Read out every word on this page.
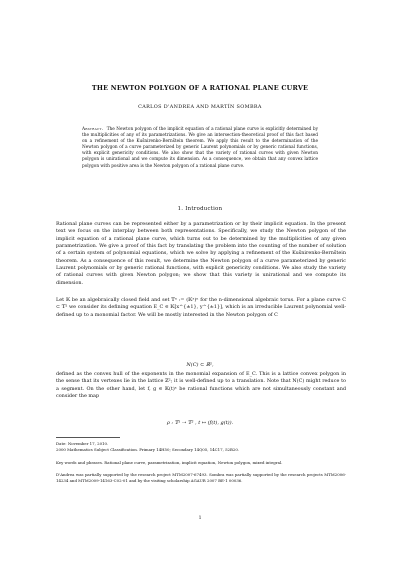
THE NEWTON POLYGON OF A RATIONAL PLANE CURVE
CARLOS D'ANDREA AND MARTÍN SOMBRA
Abstract. The Newton polygon of the implicit equation of a rational plane curve is explicitly determined by the multiplicities of any of its parametrizations. We give an intersection-theoretical proof of this fact based on a refinement of the Kušnirenko-Bernštein theorem. We apply this result to the determination of the Newton polygon of a curve parameterized by generic Laurent polynomials or by generic rational functions, with explicit genericity conditions. We also show that the variety of rational curves with given Newton polygon is unirational and we compute its dimension. As a consequence, we obtain that any convex lattice polygon with positive area is the Newton polygon of a rational plane curve.
1. Introduction
Rational plane curves can be represented either by a parametrization or by their implicit equation. In the present text we focus on the interplay between both representations. Specifically, we study the Newton polygon of the implicit equation of a rational plane curve, which turns out to be determined by the multiplicities of any given parametrization. We give a proof of this fact by translating the problem into the counting of the number of solution of a certain system of polynomial equations, which we solve by applying a refinement of the Kušnirenko-Bernštein theorem. As a consequence of this result, we determine the Newton polygon of a curve parameterized by generic Laurent polynomials or by generic rational functions, with explicit genericity conditions. We also study the variety of rational curves with given Newton polygon; we show that this variety is unirational and we compute its dimension.
Let 𝕂 be an algebraically closed field and set 𝕋ⁿ := (𝕂ˣ)ⁿ for the n-dimensional algebraic torus. For a plane curve C ⊂ 𝕋² we consider its defining equation E_C ∈ 𝕂[x^{±1}, y^{±1}], which is an irreducible Laurent polynomial well-defined up to a monomial factor. We will be mostly interested in the Newton polygon of C
N(C) ⊂ ℝ²,
defined as the convex hull of the exponents in the monomial expansion of E_C. This is a lattice convex polygon in the sense that its vertexes lie in the lattice ℤ²; it is well-defined up to a translation. Note that N(C) might reduce to a segment. On the other hand, let f, g ∈ 𝕂(t)ˣ be rational functions which are not simultaneously constant and consider the map
ρ : 𝕋¹ ⇢ 𝕋² , t ↦ (f(t), g(t)).
Date: November 17, 2010.
2000 Mathematics Subject Classification. Primary 14H50; Secondary 14Q05, 14C17, 52B20.
Key words and phrases. Rational plane curve, parametrization, implicit equation, Newton polygon, mixed integral.
D'Andrea was partially supported by the research project MTM2007-67493. Sombra was partially supported by the research projects MTM2006-14234 and MTM2009-14163-C02-01 and by the visiting scholarship AGAUR 2007 BE-1 00036.
1
